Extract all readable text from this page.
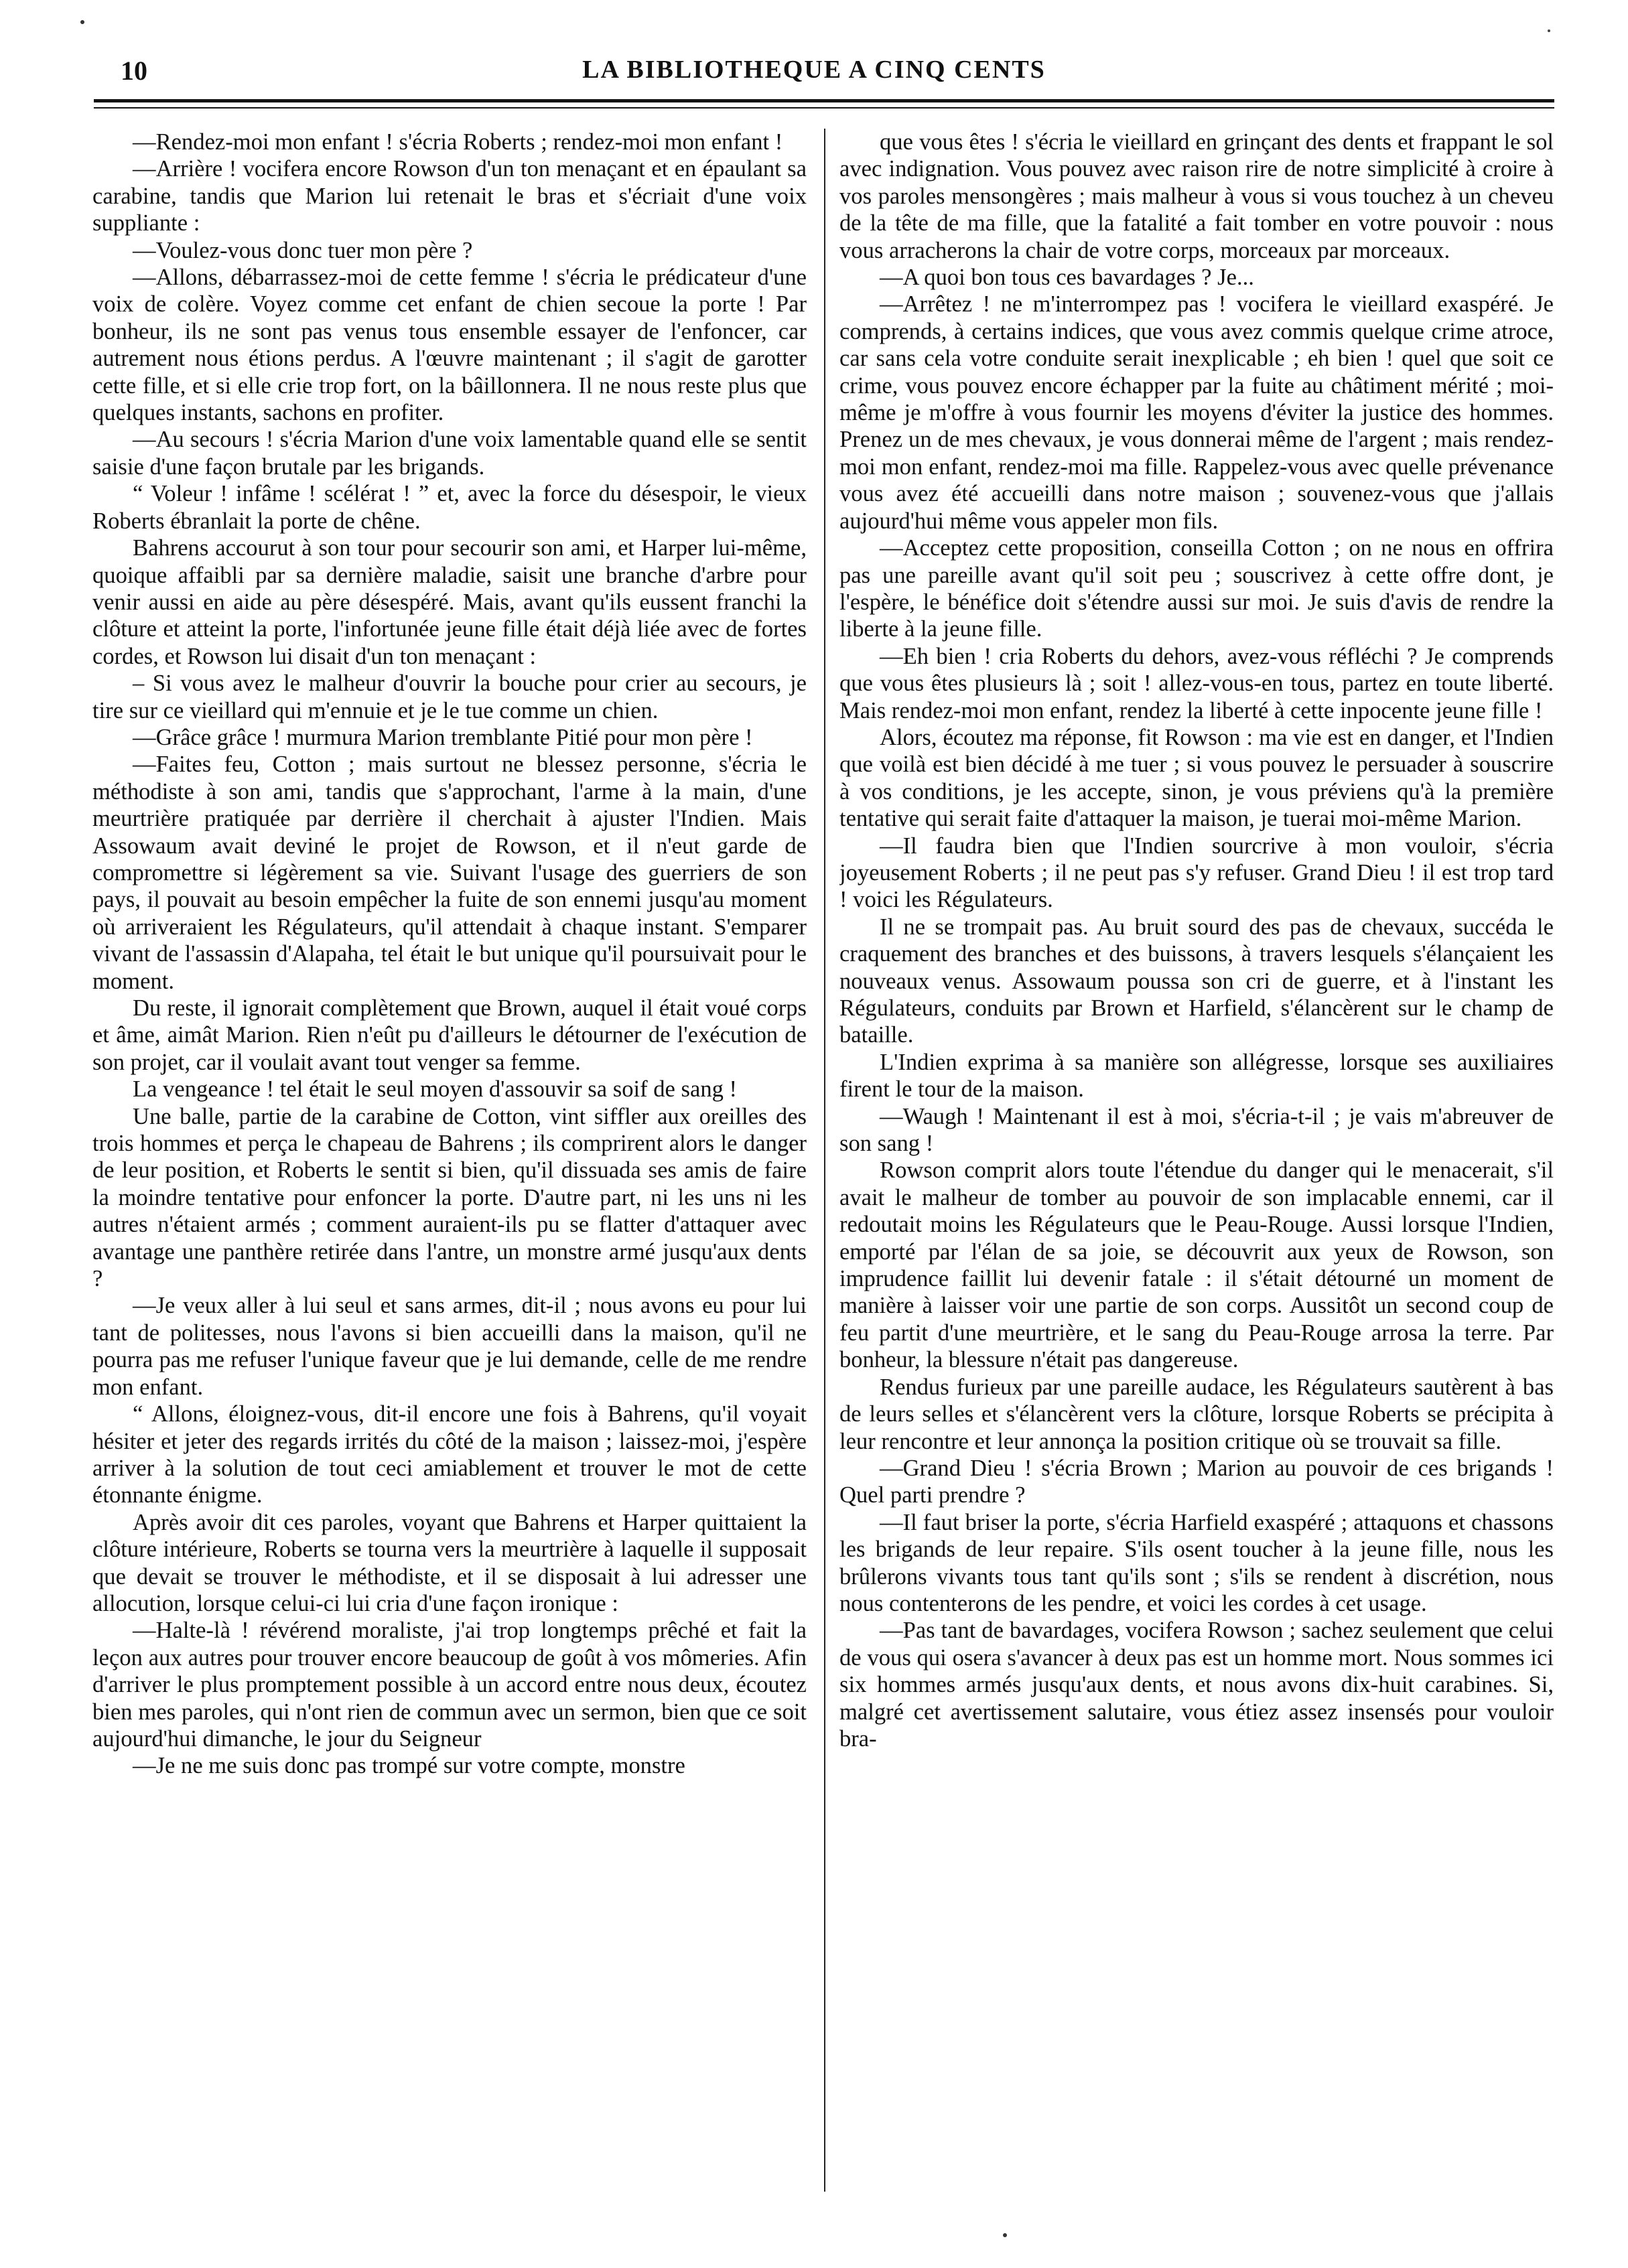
10	LA BIBLIOTHEQUE A CINQ CENTS

—Rendez-moi mon enfant ! s'écria Roberts ; rendez-moi mon enfant !

—Arrière ! vocifera encore Rowson d'un ton menaçant et en épaulant sa carabine, tandis que Marion lui retenait le bras et s'écriait d'une voix suppliante :

—Voulez-vous donc tuer mon père ?

—Allons, débarrassez-moi de cette femme ! s'écria le prédicateur d'une voix de colère. Voyez comme cet enfant de chien secoue la porte ! Par bonheur, ils ne sont pas venus tous ensemble essayer de l'enfoncer, car autrement nous étions perdus. A l'œuvre maintenant ; il s'agit de garotter cette fille, et si elle crie trop fort, on la bâillonnera. Il ne nous reste plus que quelques instants, sachons en profiter.

—Au secours ! s'écria Marion d'une voix lamentable quand elle se sentit saisie d'une façon brutale par les brigands.

“ Voleur ! infâme ! scélérat ! ” et, avec la force du désespoir, le vieux Roberts ébranlait la porte de chêne.

Bahrens accourut à son tour pour secourir son ami, et Harper lui-même, quoique affaibli par sa dernière maladie, saisit une branche d'arbre pour venir aussi en aide au père désespéré. Mais, avant qu'ils eussent franchi la clôture et atteint la porte, l'infortunée jeune fille était déjà liée avec de fortes cordes, et Rowson lui disait d'un ton menaçant :

– Si vous avez le malheur d'ouvrir la bouche pour crier au secours, je tire sur ce vieillard qui m'ennuie et je le tue comme un chien.

—Grâce grâce ! murmura Marion tremblante Pitié pour mon père !

—Faites feu, Cotton ; mais surtout ne blessez personne, s'écria le méthodiste à son ami, tandis que s'approchant, l'arme à la main, d'une meurtrière pratiquée par derrière il cherchait à ajuster l'Indien. Mais Assowaum avait deviné le projet de Rowson, et il n'eut garde de compromettre si légèrement sa vie. Suivant l'usage des guerriers de son pays, il pouvait au besoin empêcher la fuite de son ennemi jusqu'au moment où arriveraient les Régulateurs, qu'il attendait à chaque instant. S'emparer vivant de l'assassin d'Alapaha, tel était le but unique qu'il poursuivait pour le moment.

Du reste, il ignorait complètement que Brown, auquel il était voué corps et âme, aimât Marion. Rien n'eût pu d'ailleurs le détourner de l'exécution de son projet, car il voulait avant tout venger sa femme.

La vengeance ! tel était le seul moyen d'assouvir sa soif de sang !

Une balle, partie de la carabine de Cotton, vint siffler aux oreilles des trois hommes et perça le chapeau de Bahrens ; ils comprirent alors le danger de leur position, et Roberts le sentit si bien, qu'il dissuada ses amis de faire la moindre tentative pour enfoncer la porte. D'autre part, ni les uns ni les autres n'étaient armés ; comment auraient-ils pu se flatter d'attaquer avec avantage une panthère retirée dans l'antre, un monstre armé jusqu'aux dents ?

—Je veux aller à lui seul et sans armes, dit-il ; nous avons eu pour lui tant de politesses, nous l'avons si bien accueilli dans la maison, qu'il ne pourra pas me refuser l'unique faveur que je lui demande, celle de me rendre mon enfant.

“ Allons, éloignez-vous, dit-il encore une fois à Bahrens, qu'il voyait hésiter et jeter des regards irrités du côté de la maison ; laissez-moi, j'espère arriver à la solution de tout ceci amiablement et trouver le mot de cette étonnante énigme.

Après avoir dit ces paroles, voyant que Bahrens et Harper quittaient la clôture intérieure, Roberts se tourna vers la meurtrière à laquelle il supposait que devait se trouver le méthodiste, et il se disposait à lui adresser une allocution, lorsque celui-ci lui cria d'une façon ironique :

—Halte-là ! révérend moraliste, j'ai trop longtemps prêché et fait la leçon aux autres pour trouver encore beaucoup de goût à vos mômeries. Afin d'arriver le plus promptement possible à un accord entre nous deux, écoutez bien mes paroles, qui n'ont rien de commun avec un sermon, bien que ce soit aujourd'hui dimanche, le jour du Seigneur

—Je ne me suis donc pas trompé sur votre compte, monstre

que vous êtes ! s'écria le vieillard en grinçant des dents et frappant le sol avec indignation. Vous pouvez avec raison rire de notre simplicité à croire à vos paroles mensongères ; mais malheur à vous si vous touchez à un cheveu de la tête de ma fille, que la fatalité a fait tomber en votre pouvoir : nous vous arracherons la chair de votre corps, morceaux par morceaux.

—A quoi bon tous ces bavardages ? Je...

—Arrêtez ! ne m'interrompez pas ! vocifera le vieillard exaspéré. Je comprends, à certains indices, que vous avez commis quelque crime atroce, car sans cela votre conduite serait inexplicable ; eh bien ! quel que soit ce crime, vous pouvez encore échapper par la fuite au châtiment mérité ; moi-même je m'offre à vous fournir les moyens d'éviter la justice des hommes. Prenez un de mes chevaux, je vous donnerai même de l'argent ; mais rendez-moi mon enfant, rendez-moi ma fille. Rappelez-vous avec quelle prévenance vous avez été accueilli dans notre maison ; souvenez-vous que j'allais aujourd'hui même vous appeler mon fils.

—Acceptez cette proposition, conseilla Cotton ; on ne nous en offrira pas une pareille avant qu'il soit peu ; souscrivez à cette offre dont, je l'espère, le bénéfice doit s'étendre aussi sur moi. Je suis d'avis de rendre la liberte à la jeune fille.

—Eh bien ! cria Roberts du dehors, avez-vous réfléchi ? Je comprends que vous êtes plusieurs là ; soit ! allez-vous-en tous, partez en toute liberté. Mais rendez-moi mon enfant, rendez la liberté à cette inpocente jeune fille !

Alors, écoutez ma réponse, fit Rowson : ma vie est en danger, et l'Indien que voilà est bien décidé à me tuer ; si vous pouvez le persuader à souscrire à vos conditions, je les accepte, sinon, je vous préviens qu'à la première tentative qui serait faite d'attaquer la maison, je tuerai moi-même Marion.

—Il faudra bien que l'Indien sourcrive à mon vouloir, s'écria joyeusement Roberts ; il ne peut pas s'y refuser. Grand Dieu ! il est trop tard ! voici les Régulateurs.

Il ne se trompait pas. Au bruit sourd des pas de chevaux, succéda le craquement des branches et des buissons, à travers lesquels s'élançaient les nouveaux venus. Assowaum poussa son cri de guerre, et à l'instant les Régulateurs, conduits par Brown et Harfield, s'élancèrent sur le champ de bataille.

L'Indien exprima à sa manière son allégresse, lorsque ses auxiliaires firent le tour de la maison.

—Waugh ! Maintenant il est à moi, s'écria-t-il ; je vais m'abreuver de son sang !

Rowson comprit alors toute l'étendue du danger qui le menacerait, s'il avait le malheur de tomber au pouvoir de son implacable ennemi, car il redoutait moins les Régulateurs que le Peau-Rouge. Aussi lorsque l'Indien, emporté par l'élan de sa joie, se découvrit aux yeux de Rowson, son imprudence faillit lui devenir fatale : il s'était détourné un moment de manière à laisser voir une partie de son corps. Aussitôt un second coup de feu partit d'une meurtrière, et le sang du Peau-Rouge arrosa la terre. Par bonheur, la blessure n'était pas dangereuse.

Rendus furieux par une pareille audace, les Régulateurs sautèrent à bas de leurs selles et s'élancèrent vers la clôture, lorsque Roberts se précipita à leur rencontre et leur annonça la position critique où se trouvait sa fille.

—Grand Dieu ! s'écria Brown ; Marion au pouvoir de ces brigands ! Quel parti prendre ?

—Il faut briser la porte, s'écria Harfield exaspéré ; attaquons et chassons les brigands de leur repaire. S'ils osent toucher à la jeune fille, nous les brûlerons vivants tous tant qu'ils sont ; s'ils se rendent à discrétion, nous nous contenterons de les pendre, et voici les cordes à cet usage.

—Pas tant de bavardages, vocifera Rowson ; sachez seulement que celui de vous qui osera s'avancer à deux pas est un homme mort. Nous sommes ici six hommes armés jusqu'aux dents, et nous avons dix-huit carabines. Si, malgré cet avertissement salutaire, vous étiez assez insensés pour vouloir bra-
